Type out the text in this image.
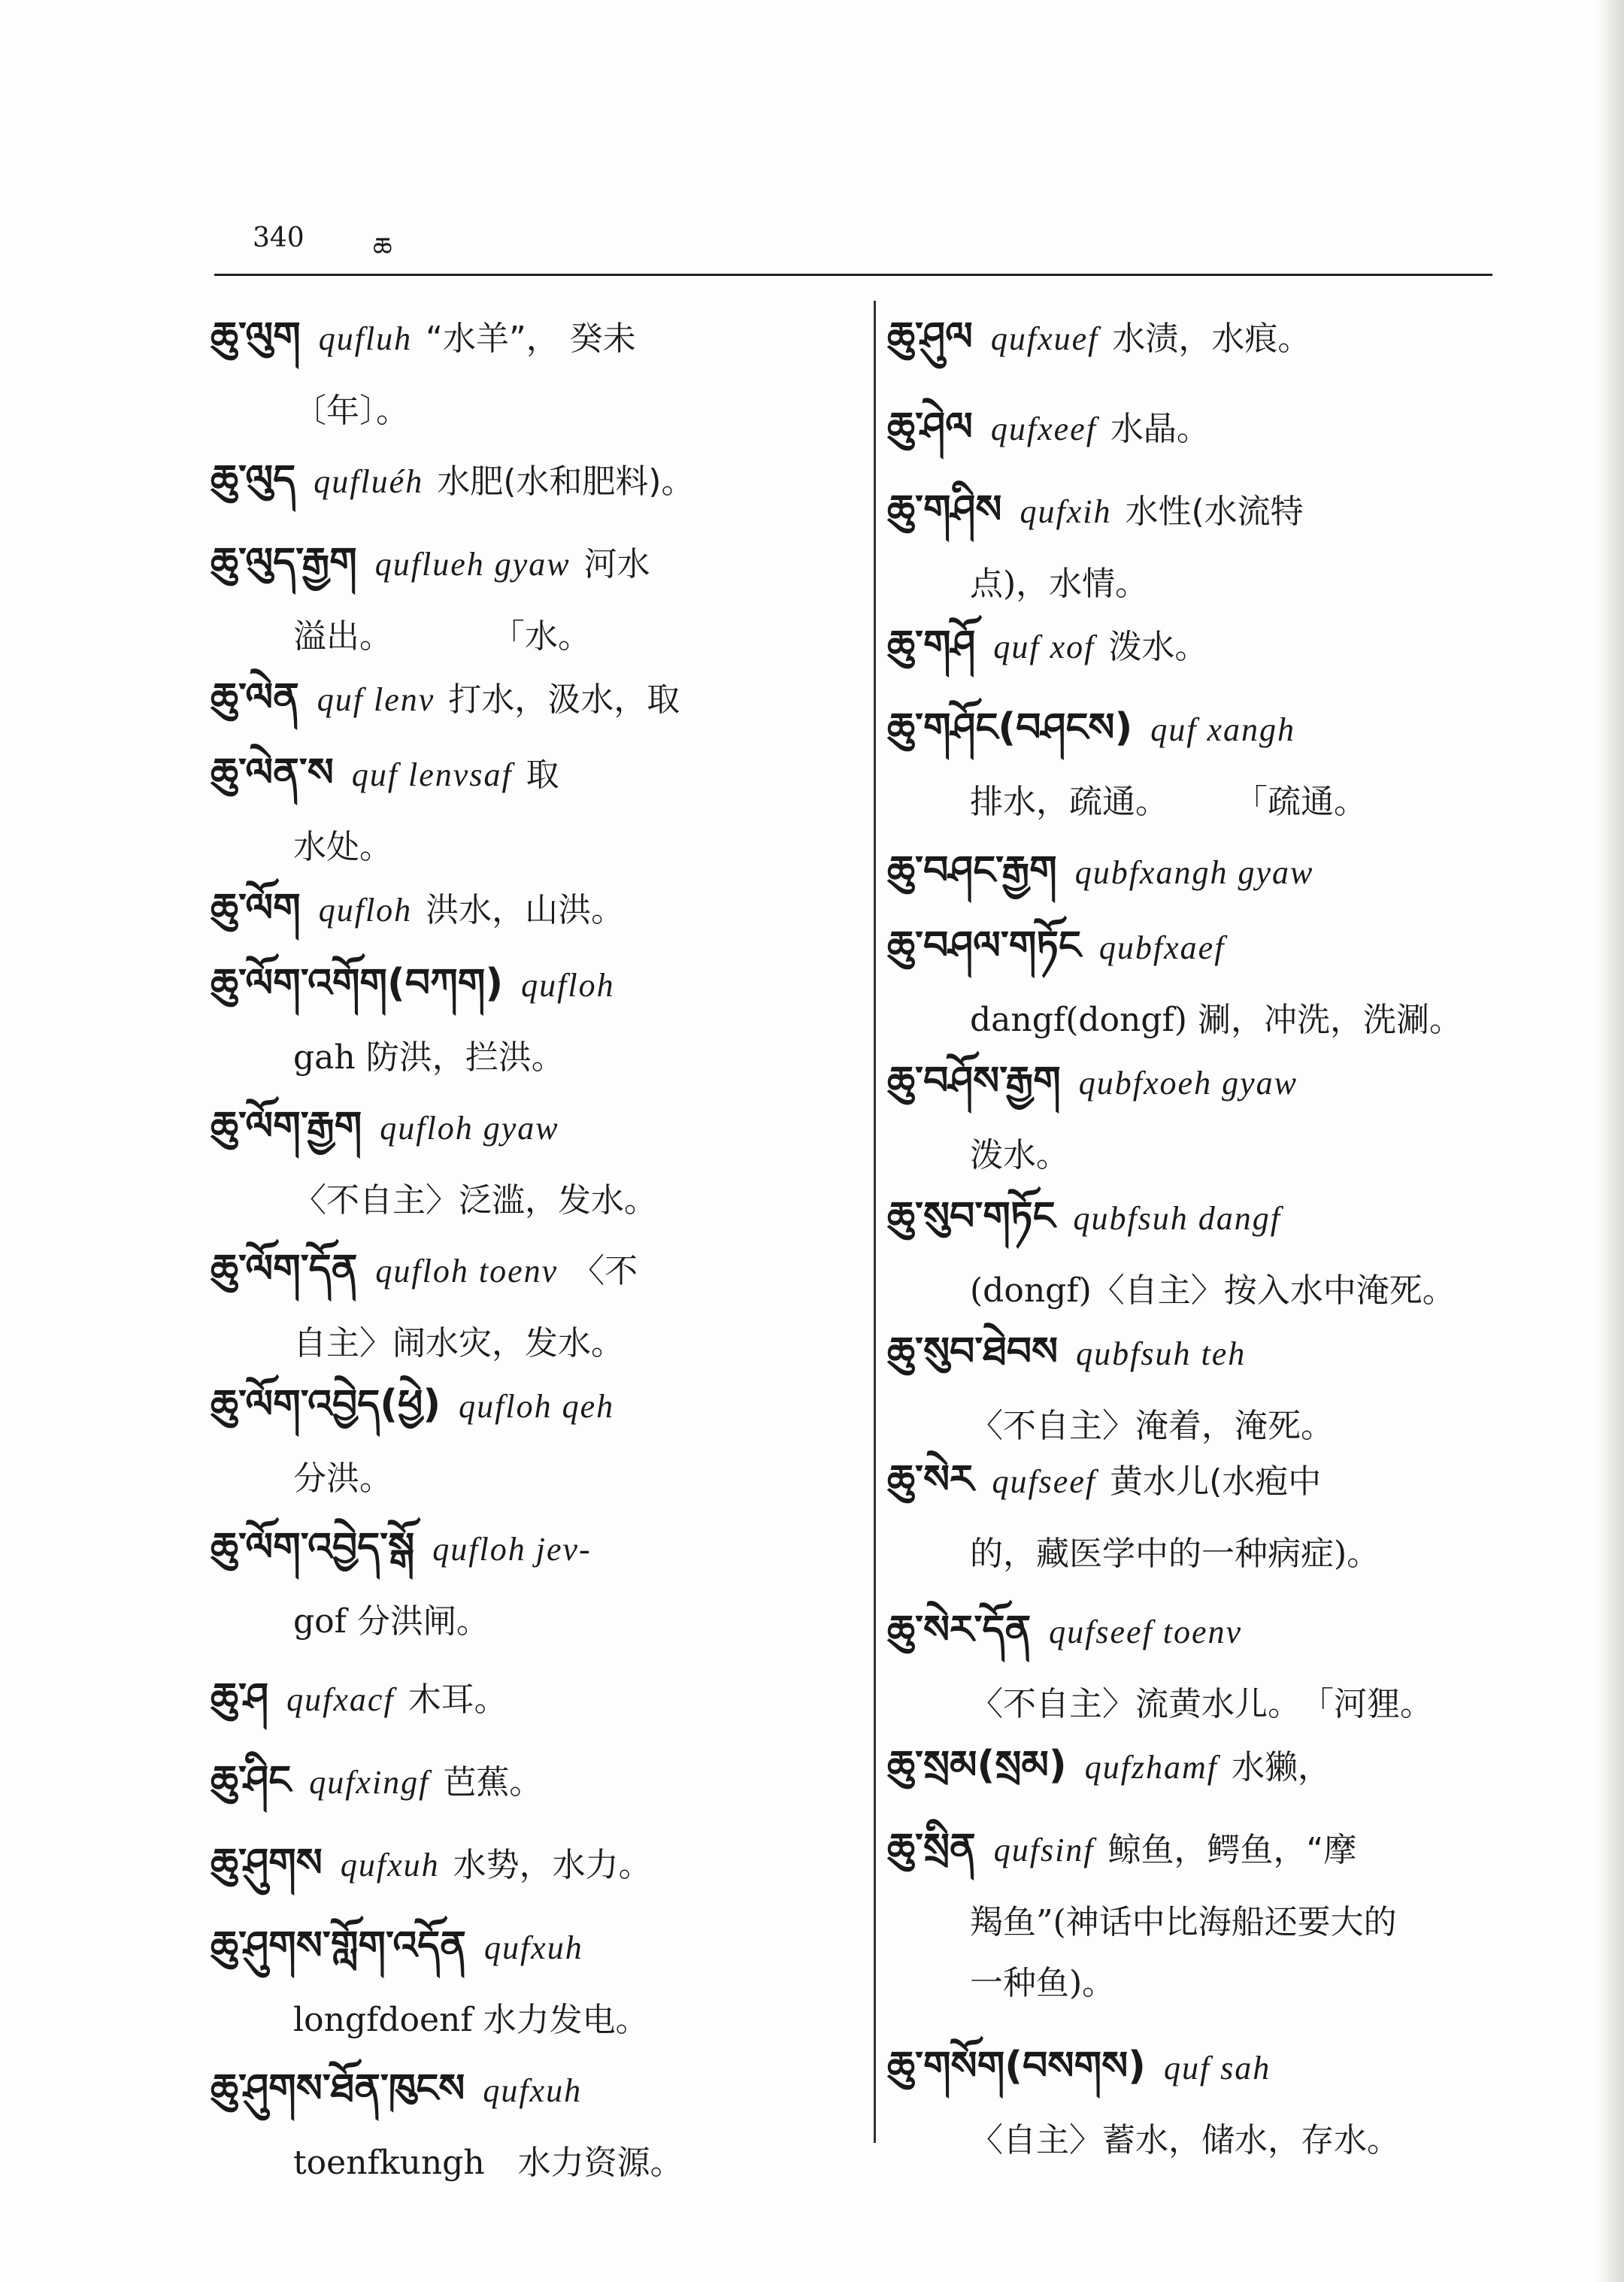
340	ཆ
ཆུ་ལུག qufluh “水羊”， 癸未
〔年〕。
ཆུ་ལུད qufluéh 水肥(水和肥料)。
ཆུ་ལུད་རྒྱག quflueh gyaw 河水
溢出。　　　　「水。
ཆུ་ལེན quf lenv 打水，汲水，取
ཆུ་ལེན་ས quf lenvsaf 取
水处。
ཆུ་ལོག qufloh 洪水，山洪。
ཆུ་ལོག་འགོག(བཀག) qufloh
gah 防洪，拦洪。
ཆུ་ལོག་རྒྱག qufloh gyaw
〈不自主〉泛滥，发水。
ཆུ་ལོག་དོན qufloh toenv 〈不
自主〉闹水灾，发水。
ཆུ་ལོག་འབྱེད(ཕྱེ) qufloh qeh
分洪。
ཆུ་ལོག་འབྱེད་སྒོ qufloh jev-
gof 分洪闸。
ཆུ་ཤ qufxacf 木耳。
ཆུ་ཤིང qufxingf 芭蕉。
ཆུ་ཤུགས qufxuh 水势，水力。
ཆུ་ཤུགས་གློག་འདོན qufxuh
longfdoenf 水力发电。
ཆུ་ཤུགས་ཐོན་ཁུངས qufxuh
toenfkungh　水力资源。
ཆུ་ཤུལ qufxuef 水渍，水痕。
ཆུ་ཤེལ qufxeef 水晶。
ཆུ་གཤིས qufxih 水性(水流特
点)，水情。
ཆུ་གཤོ quf xof 泼水。
ཆུ་གཤོང(བཤངས) quf xangh
排水，疏通。　　　「疏通。
ཆུ་བཤང་རྒྱག qubfxangh gyaw
ཆུ་བཤལ་གཏོང qubfxaef
dangf(dongf) 涮，冲洗，洗涮。
ཆུ་བཤོས་རྒྱག qubfxoeh gyaw
泼水。
ཆུ་སུབ་གཏོང qubfsuh dangf
(dongf)〈自主〉按入水中淹死。
ཆུ་སུབ་ཐེབས qubfsuh teh
〈不自主〉淹着，淹死。
ཆུ་སེར qufseef 黄水儿(水疱中
的，藏医学中的一种病症)。
ཆུ་སེར་དོན qufseef toenv
〈不自主〉流黄水儿。　「河狸。
ཆུ་སྲམ(སྲམ) qufzhamf 水獭，
ཆུ་སྲིན qufsinf 鲸鱼，鳄鱼，“摩
羯鱼”(神话中比海船还要大的
一种鱼)。
ཆུ་གསོག(བསགས) quf sah
〈自主〉蓄水，储水，存水。
